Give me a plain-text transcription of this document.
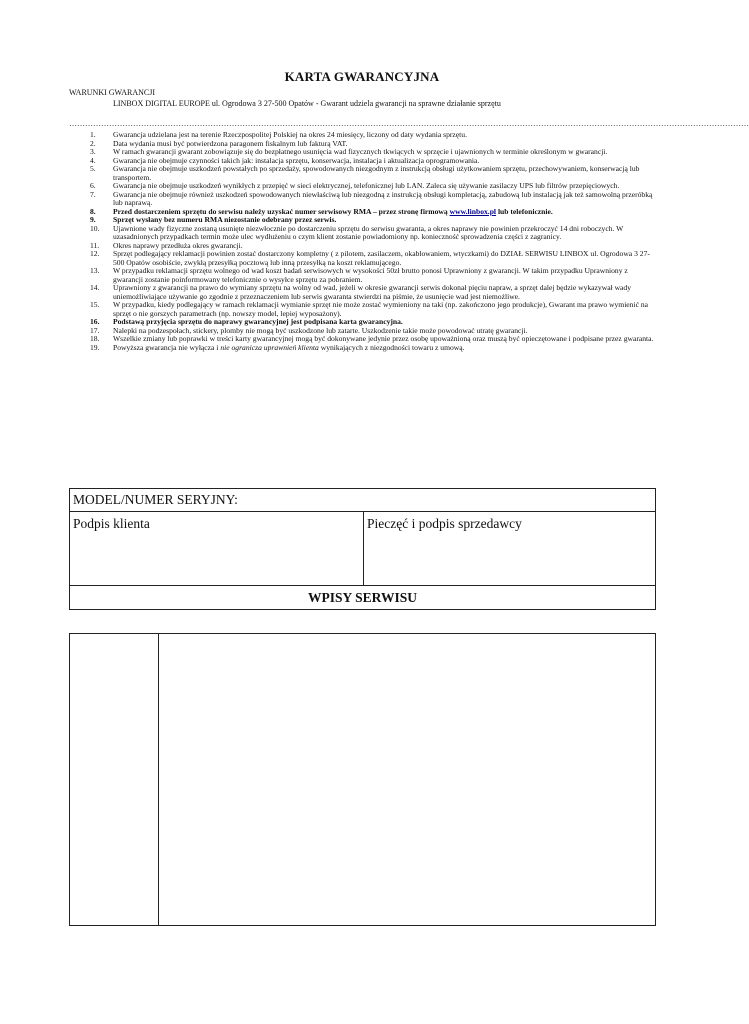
KARTA GWARANCYJNA
WARUNKI GWARANCJI
LINBOX DIGITAL EUROPE ul. Ogrodowa 3 27-500 Opatów - Gwarant udziela gwarancji na sprawne działanie sprzętu
…………………………………………………………………………………………………………………………………………………………………………………………………………………………………
1. Gwarancja udzielana jest na terenie Rzeczpospolitej Polskiej na okres 24 miesięcy, liczony od daty wydania sprzętu.
2. Data wydania musi być potwierdzona paragonem fiskalnym lub fakturą VAT.
3. W ramach gwarancji gwarant zobowiązuje się do bezpłatnego usunięcia wad fizycznych tkwiących w sprzęcie i ujawnionych w terminie określonym w gwarancji.
4. Gwarancja nie obejmuje czynności takich jak: instalacja sprzętu, konserwacja, instalacja i aktualizacja oprogramowania.
5. Gwarancja nie obejmuje uszkodzeń powstałych po sprzedaży, spowodowanych niezgodnym z instrukcją obsługi użytkowaniem sprzętu, przechowywaniem, konserwacją lub transportem.
6. Gwarancja nie obejmuje uszkodzeń wynikłych z przepięć w sieci elektrycznej, telefonicznej lub LAN. Zaleca się używanie zasilaczy UPS lub filtrów przepięciowych.
7. Gwarancja nie obejmuje również uszkodzeń spowodowanych niewłaściwą lub niezgodną z instrukcją obsługi kompletacją, zabudową lub instalacją jak też samowolną przeróbką lub naprawą.
8. Przed dostarczeniem sprzętu do serwisu należy uzyskać numer serwisowy RMA – przez stronę firmową www.linbox.pl lub telefonicznie.
9. Sprzęt wysłany bez numeru RMA niezostanie odebrany przez serwis.
10. Ujawnione wady fizyczne zostaną usunięte niezwłocznie po dostarczeniu sprzętu do serwisu gwaranta, a okres naprawy nie powinien przekroczyć 14 dni roboczych. W uzasadnionych przypadkach termin może ulec wydłużeniu o czym klient zostanie powiadomiony np. konieczność sprowadzenia części z zagranicy.
11. Okres naprawy przedłuża okres gwarancji.
12. Sprzęt podlegający reklamacji powinien zostać dostarczony kompletny ( z pilotem, zasilaczem, okablowaniem, wtyczkami) do DZIAŁ SERWISU LINBOX ul. Ogrodowa 3 27-500 Opatów osobiście, zwykłą przesyłką pocztową lub inną przesyłką na koszt reklamującego.
13. W przypadku reklamacji sprzętu wolnego od wad koszt badań serwisowych w wysokości 50zł brutto ponosi Uprawniony z gwarancji. W takim przypadku Uprawniony z gwarancji zostanie poinformowany telefonicznie o wysyłce sprzętu za pobraniem.
14. Uprawniony z gwarancji na prawo do wymiany sprzętu na wolny od wad, jeżeli w okresie gwarancji serwis dokonał pięciu napraw, a sprzęt dalej będzie wykazywał wady uniemożliwiające używanie go zgodnie z przeznaczeniem lub serwis gwaranta stwierdzi na piśmie, że usunięcie wad jest niemożliwe.
15. W przypadku, kiedy podlegający w ramach reklamacji wymianie sprzęt nie może zostać wymieniony na taki (np. zakończono jego produkcje), Gwarant ma prawo wymienić na sprzęt o nie gorszych parametrach (np. nowszy model, lepiej wyposażony).
16. Podstawą przyjęcia sprzętu do naprawy gwarancyjnej jest podpisana karta gwarancyjna.
17. Nalepki na podzespołach, stickery, plomby nie mogą być uszkodzone lub zatarte. Uszkodzenie takie może powodować utratę gwarancji.
18. Wszelkie zmiany lub poprawki w treści karty gwarancyjnej mogą być dokonywane jedynie przez osobę upoważnioną oraz muszą być opieczętowane i podpisane przez gwaranta.
19. Powyższa gwarancja nie wyłącza i nie ogranicza uprawnień klienta wynikających z niezgodności towaru z umową.
MODEL/NUMER SERYJNY:
Podpis klienta	Pieczęć i podpis sprzedawcy
WPISY SERWISU
